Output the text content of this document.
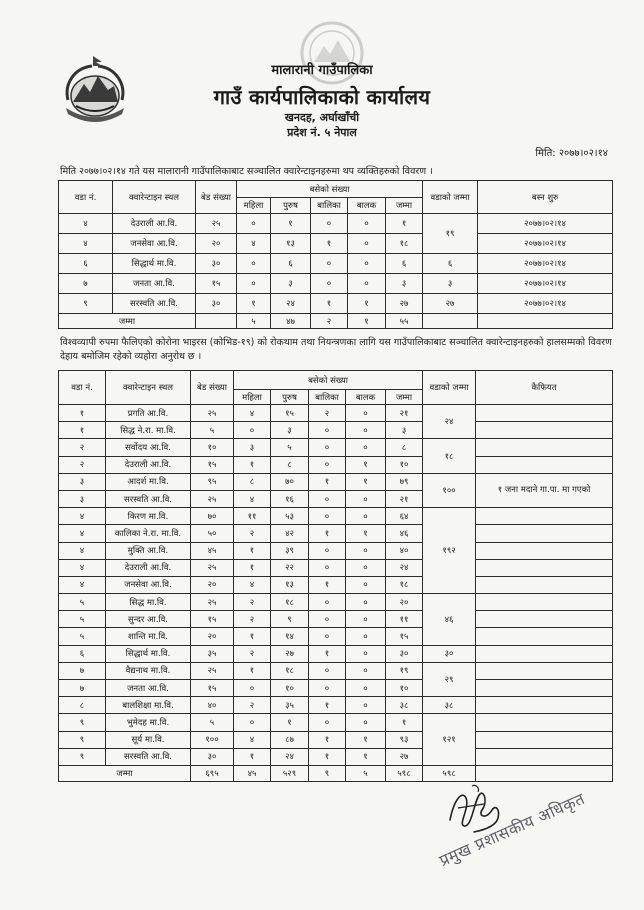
मालारानी गाउँपालिका
गाउँ कार्यपालिकाको कार्यालय
खनदह, अर्घाखाँची
प्रदेश नं. ५ नेपाल
मिति: २०७७।०२।१४
मिति २०७७।०२।१४ गते यस मालारानी गाउँपालिकाबाट सञ्चालित क्वारेन्टाइनहरुमा थप व्यक्तिहरुको विवरण ।
वडा नं.	क्वारेन्टाइन स्थल	बेड संख्या	बसेको संख्या					वडाको जम्मा	बस्न शुरु
			महिला	पुरुष	बालिका	बालक	जम्मा		
४	देउराली आ.वि.	२५	०	१	०	०	१	१९	२०७७।०२।१४
४	जनसेवा आ.वि.	२०	४	१३	१	०	१८		२०७७।०२।१४
६	सिद्धार्थ मा.वि.	३०	०	६	०	०	६	६	२०७७।०२।१४
७	जनता आ.वि.	१५	०	३	०	०	३	३	२०७७।०२।१४
९	सरस्वति आ.वि.	३०	१	२४	१	१	२७	२७	२०७७।०२।१४
जम्मा			५	४७	२	१	५५		
विश्वव्यापी रुपमा फैलिएको कोरोना भाइरस (कोभिड-१९) को रोकथाम तथा नियन्त्रणका लागि यस गाउँपालिकाबाट सञ्चालित क्वारेन्टाइनहरुको हालसम्मको विवरण देहाय बमोजिम रहेको व्यहोरा अनुरोध छ ।
वडा नं.	क्वारेन्टाइन स्थल	बेड संख्या	बसेको संख्या					वडाको जम्मा	कैफियत
			महिला	पुरुष	बालिका	बालक	जम्मा		
१	प्रगति आ.वि.	२५	४	१५	२	०	२१	२४	
१	सिद्ध ने.रा. मा.वि.	५	०	३	०	०	३		
२	सर्वोदय आ.वि.	१०	३	५	०	०	८	१८	
२	देउराली आ.वि.	१५	१	८	०	१	१०		
३	आदर्श मा.वि.	९५	८	७०	१	१	७९	१००	१ जना मदाने गा.पा. मा गएको
३	सरस्वति आ.वि.	२५	४	१६	०	०	२१		
४	किरण मा.वि.	७०	११	५३	०	०	६४	१९२	
४	कालिका ने.रा. मा.वि.	५०	२	४२	१	१	४६		
४	मुक्ति आ.वि.	४५	१	३९	०	०	४०		
४	देउराली आ.वि.	२५	१	२२	०	०	२४		
४	जनसेवा आ.वि.	२०	४	१३	१	०	१८		
५	सिद्ध मा.वि.	२५	२	१८	०	०	२०	४६	
५	सुन्दर आ.वि.	१५	२	९	०	०	११		
५	शान्ति मा.वि.	२०	१	१४	०	०	१५		
६	सिद्धार्थ मा.वि.	३५	२	२७	१	०	३०	३०	
७	वैद्यनाथ मा.वि.	२५	१	१८	०	०	१९	२९	
७	जनता आ.वि.	१५	०	१०	०	०	१०		
८	बालशिक्षा मा.वि.	४०	२	३५	१	०	३८	३८	
९	भुमेदह मा.वि.	५	०	१	०	०	१	१२१	
९	सूर्य मा.वि.	१००	४	८७	१	१	९३		
९	सरस्वति आ.वि.	३०	१	२४	१	१	२७		
जम्मा		६९५	४५	५२९	९	५	५९८	५९८	
प्रमुख प्रशासकीय अधिकृत
